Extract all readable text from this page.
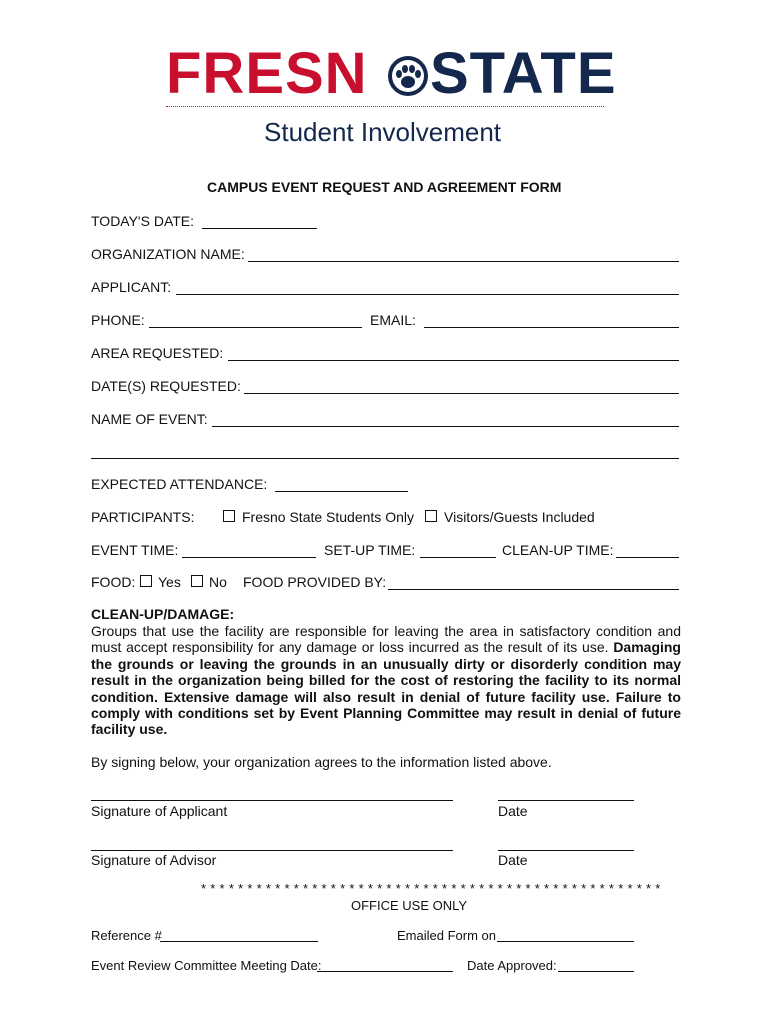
FRESN STATE
Student Involvement
CAMPUS EVENT REQUEST AND AGREEMENT FORM
TODAY'S DATE:
ORGANIZATION NAME:
APPLICANT:
PHONE:	EMAIL:
AREA REQUESTED:
DATE(S) REQUESTED:
NAME OF EVENT:
EXPECTED ATTENDANCE:
PARTICIPANTS:	Fresno State Students Only Visitors/Guests Included
EVENT TIME:	SET-UP TIME:	CLEAN-UP TIME:
FOOD: Yes No FOOD PROVIDED BY:
CLEAN-UP/DAMAGE:
Groups that use the facility are responsible for leaving the area in satisfactory condition and must accept responsibility for any damage or loss incurred as the result of its use. Damaging the grounds or leaving the grounds in an unusually dirty or disorderly condition may result in the organization being billed for the cost of restoring the facility to its normal condition. Extensive damage will also result in denial of future facility use. Failure to comply with conditions set by Event Planning Committee may result in denial of future facility use.
By signing below, your organization agrees to the information listed above.
Signature of Applicant	Date
Signature of Advisor	Date
* * * * * * * * * * * * * * * * * * * * * * * * * * * * * * * * * * * * * * * * * * * * * * * * * *
OFFICE USE ONLY
Reference #	Emailed Form on
Event Review Committee Meeting Date:	Date Approved:
